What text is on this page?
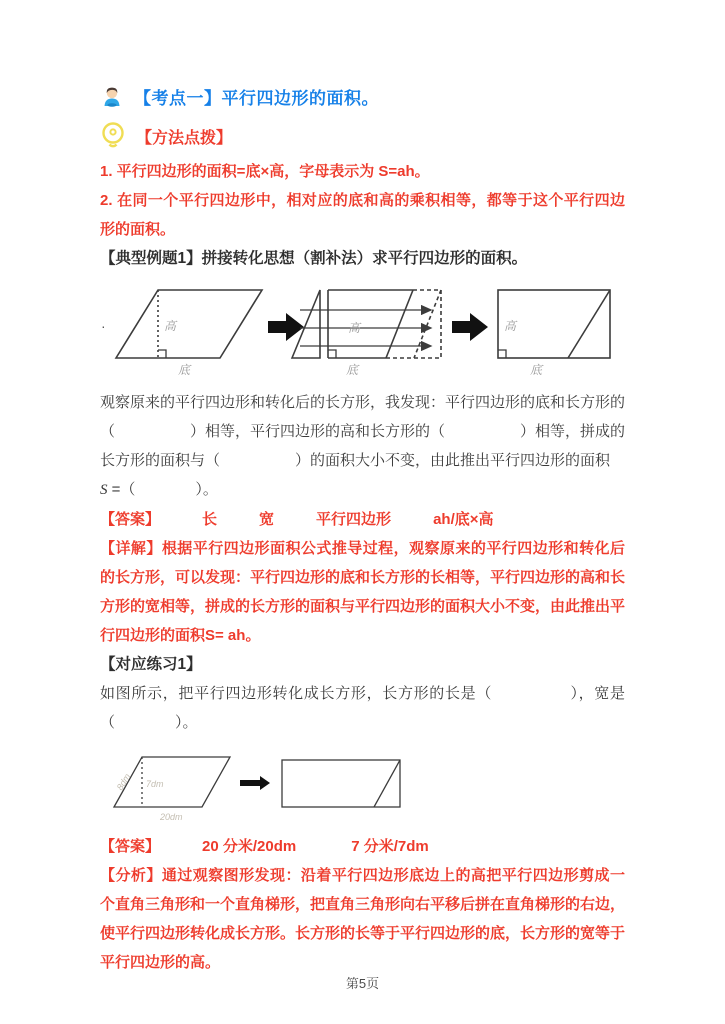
【考点一】平行四边形的面积。
【方法点拨】
1. 平行四边形的面积=底×高，字母表示为 S=ah。
2. 在同一个平行四边形中，相对应的底和高的乘积相等，都等于这个平行四边形的面积。
【典型例题1】拼接转化思想（割补法）求平行四边形的面积。
·	高
底
高
底
高
底
观察原来的平行四边形和转化后的长方形，我发现：平行四边形的底和长方形的（　　　　　）相等，平行四边形的高和长方形的（　　　　　）相等，拼成的长方形的面积与（　　　　　）的面积大小不变，由此推出平行四边形的面积
S =（　　　　）。
【答案】	长	宽	平行四边形	ah/底×高
【详解】根据平行四边形面积公式推导过程，观察原来的平行四边形和转化后的长方形，可以发现：平行四边形的底和长方形的长相等，平行四边形的高和长方形的宽相等，拼成的长方形的面积与平行四边形的面积大小不变，由此推出平行四边形的面积S= ah。
【对应练习1】
如图所示，把平行四边形转化成长方形，长方形的长是（　　　　　），宽是（　　　　）。
8dm 7dm
20dm
【答案】	20 分米/20dm	7 分米/7dm
【分析】通过观察图形发现：沿着平行四边形底边上的高把平行四边形剪成一个直角三角形和一个直角梯形，把直角三角形向右平移后拼在直角梯形的右边，使平行四边形转化成长方形。长方形的长等于平行四边形的底，长方形的宽等于平行四边形的高。
第5页
